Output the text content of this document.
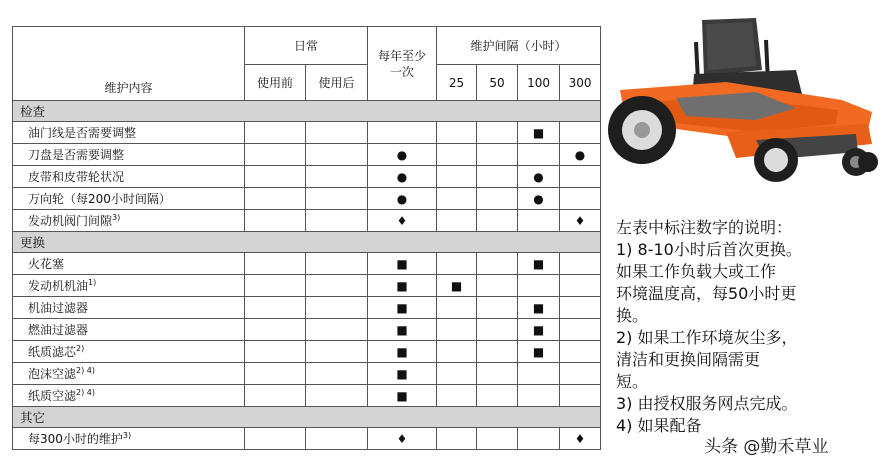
维护内容	日常		每年至少一次	维护间隔（小时）			
	使用前	使用后		25	50	100	300
检查							
油门线是否需要调整						■	
刀盘是否需要调整			●				●
皮带和皮带轮状况			●			●	
万向轮（每200小时间隔）			●			●	
发动机阀门间隙$^{3)}$			♦				♦
更换							
火花塞			■			■	
发动机机油$^{1)}$			■	■			
机油过滤器			■			■	
燃油过滤器			■			■	
纸质滤芯$^{2)}$			■			■	
泡沫空滤$^{2) 4)}$			■				
纸质空滤$^{2) 4)}$			■				
其它							
每300小时的维护$^{3)}$			♦				♦

左表中标注数字的说明：

1) 8-10小时后首次更换。

如果工作负载大或工作

环境温度高，每50小时更

换。

2) 如果工作环境灰尘多，

清洁和更换间隔需更

短。

3) 由授权服务网点完成。

4) 如果配备

头条 @勤禾草业
